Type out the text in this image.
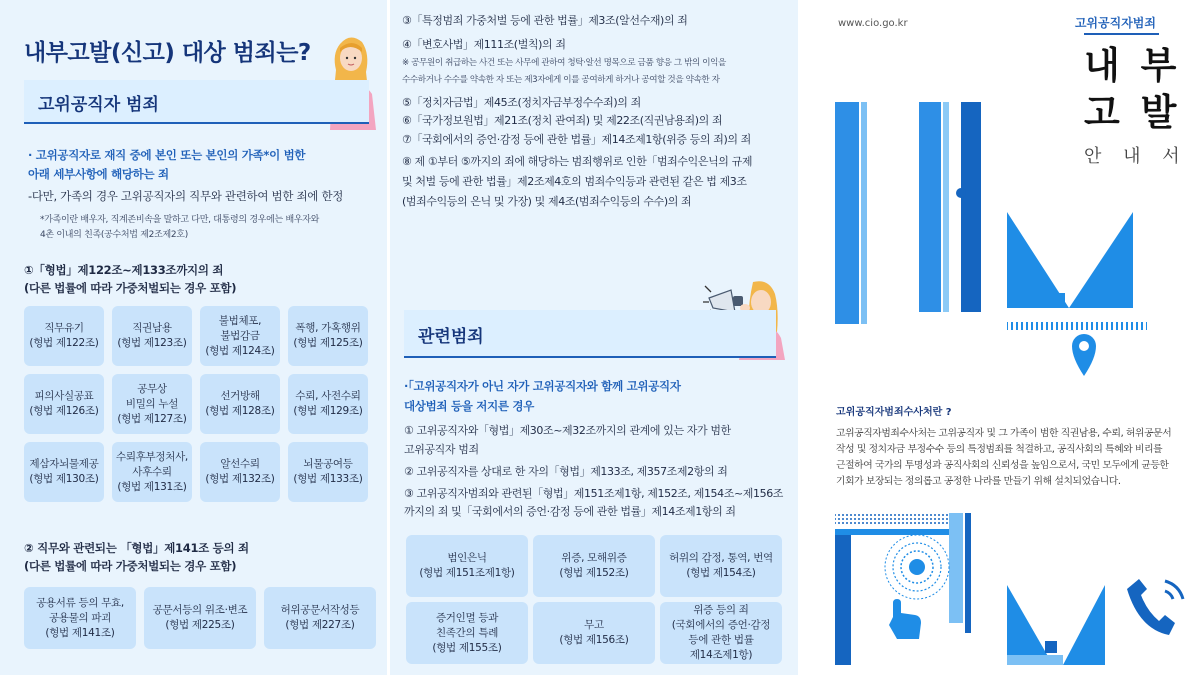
내부고발(신고) 대상 범죄는?
고위공직자 범죄
· 고위공직자로 재직 중에 본인 또는 본인의 가족*이 범한
아래 세부사항에 해당하는 죄
-다만, 가족의 경우 고위공직자의 직무와 관련하여 범한 죄에 한정
*가족이란 배우자, 직계존비속을 말하고 다만, 대통령의 경우에는 배우자와
4촌 이내의 친족(공수처법 제2조제2호)
①「형법」제122조~제133조까지의 죄
(다른 법률에 따라 가중처벌되는 경우 포함)
② 직무와 관련되는 「형법」제141조 등의 죄
(다른 법률에 따라 가중처벌되는 경우 포함)
직무유기
(형법 제122조)
직권남용
(형법 제123조)
불법체포,
불법감금
(형법 제124조)
폭행, 가혹행위
(형법 제125조)
피의사실공표
(형법 제126조)
공무상
비밀의 누설
(형법 제127조)
선거방해
(형법 제128조)
수뢰, 사전수뢰
(형법 제129조)
제삼자뇌물제공
(형법 제130조)
수뢰후부정처사,
사후수뢰
(형법 제131조)
알선수뢰
(형법 제132조)
뇌물공여등
(형법 제133조)
공용서류 등의 무효,
공용물의 파괴
(형법 제141조)
공문서등의 위조·변조
(형법 제225조)
허위공문서작성등
(형법 제227조)
관련범죄
③「특정범죄 가중처벌 등에 관한 법률」제3조(알선수재)의 죄
④「변호사법」제111조(벌칙)의 죄
※ 공무원이 취급하는 사건 또는 사무에 관하여 청탁·알선 명목으로 금품 향응 그 밖의 이익을
수수하거나 수수를 약속한 자 또는 제3자에게 이를 공여하게 하거나 공여할 것을 약속한 자
⑤「정치자금법」제45조(정치자금부정수수죄)의 죄
⑥「국가정보원법」제21조(정치 관여죄) 및 제22조(직권남용죄)의 죄
⑦「국회에서의 증언·감정 등에 관한 법률」제14조제1항(위증 등의 죄)의 죄
⑧ 제 ①부터 ⑤까지의 죄에 해당하는 범죄행위로 인한「범죄수익은닉의 규제
및 처벌 등에 관한 법률」제2조제4호의 범죄수익등과 관련된 같은 법 제3조
(범죄수익등의 은닉 및 가장) 및 제4조(범죄수익등의 수수)의 죄
·「고위공직자가 아닌 자가 고위공직자와 함께 고위공직자
대상범죄 등을 저지른 경우
① 고위공직자와「형법」제30조~제32조까지의 관계에 있는 자가 범한
고위공직자 범죄
② 고위공직자를 상대로 한 자의「형법」제133조, 제357조제2항의 죄
③ 고위공직자범죄와 관련된「형법」제151조제1항, 제152조, 제154조~제156조
까지의 죄 및「국회에서의 증언·감정 등에 관한 법률」제14조제1항의 죄
범인은닉
(형법 제151조제1항)
위증, 모해위증
(형법 제152조)
허위의 감정, 통역, 번역
(형법 제154조)
증거인멸 등과
친족간의 특례
(형법 제155조)
무고
(형법 제156조)
위증 등의 죄
(국회에서의 증언·감정
등에 관한 법률
제14조제1항)
www.cio.go.kr	고위공직자범죄
내 부
고 발
안 내 서
고위공직자범죄수사처란 ?
고위공직자범죄수사처는 고위공직자 및 그 가족이 범한 직권남용, 수뢰, 허위공문서
작성 및 정치자금 부정수수 등의 특정범죄를 척결하고, 공직사회의 특혜와 비리를
근절하여 국가의 투명성과 공직사회의 신뢰성을 높임으로서, 국민 모두에게 균등한
기회가 보장되는 정의롭고 공정한 나라를 만들기 위해 설치되었습니다.
